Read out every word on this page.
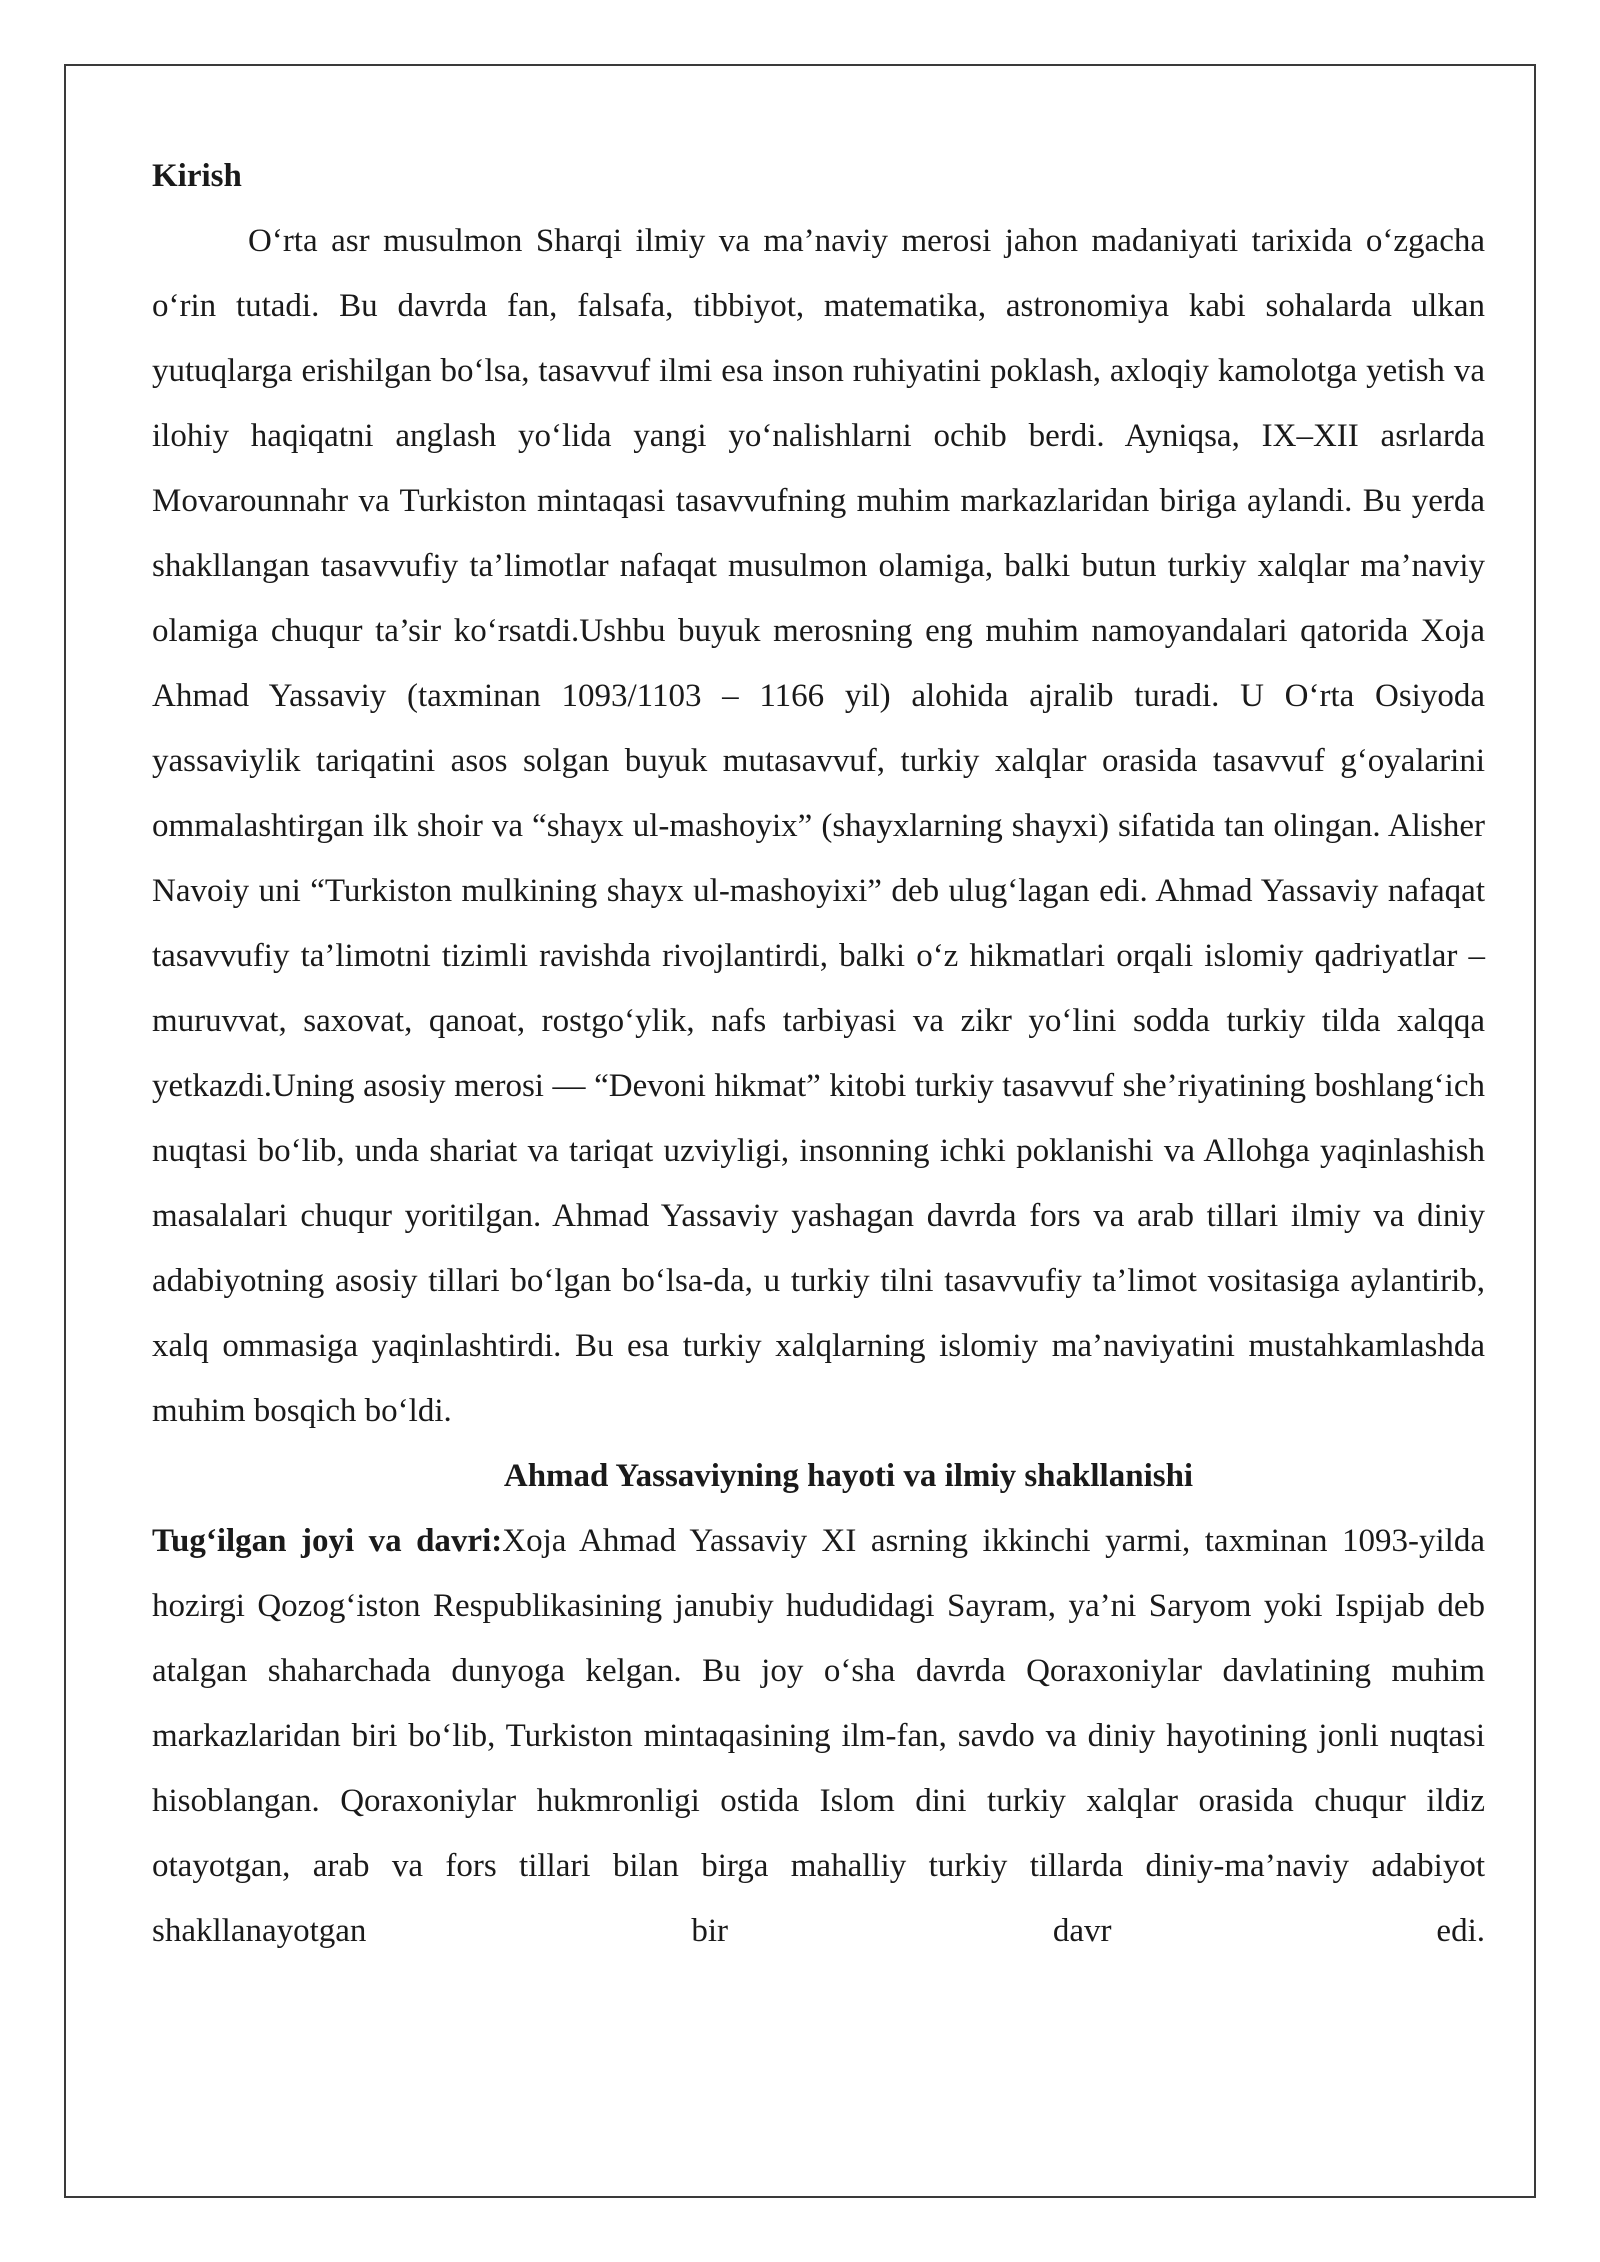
Kirish

O‘rta asr musulmon Sharqi ilmiy va ma’naviy merosi jahon madaniyati tarixida o‘zgacha o‘rin tutadi. Bu davrda fan, falsafa, tibbiyot, matematika, astronomiya kabi sohalarda ulkan yutuqlarga erishilgan bo‘lsa, tasavvuf ilmi esa inson ruhiyatini poklash, axloqiy kamolotga yetish va ilohiy haqiqatni anglash yo‘lida yangi yo‘nalishlarni ochib berdi. Ayniqsa, IX–XII asrlarda Movarounnahr va Turkiston mintaqasi tasavvufning muhim markazlaridan biriga aylandi. Bu yerda shakllangan tasavvufiy ta’limotlar nafaqat musulmon olamiga, balki butun turkiy xalqlar ma’naviy olamiga chuqur ta’sir ko‘rsatdi.Ushbu buyuk merosning eng muhim namoyandalari qatorida Xoja Ahmad Yassaviy (taxminan 1093/1103 – 1166 yil) alohida ajralib turadi. U O‘rta Osiyoda yassaviylik tariqatini asos solgan buyuk mutasavvuf, turkiy xalqlar orasida tasavvuf g‘oyalarini ommalashtirgan ilk shoir va “shayx ul-mashoyix” (shayxlarning shayxi) sifatida tan olingan. Alisher Navoiy uni “Turkiston mulkining shayx ul-mashoyixi” deb ulug‘lagan edi. Ahmad Yassaviy nafaqat tasavvufiy ta’limotni tizimli ravishda rivojlantirdi, balki o‘z hikmatlari orqali islomiy qadriyatlar – muruvvat, saxovat, qanoat, rostgo‘ylik, nafs tarbiyasi va zikr yo‘lini sodda turkiy tilda xalqqa yetkazdi.Uning asosiy merosi — “Devoni hikmat” kitobi turkiy tasavvuf she’riyatining boshlang‘ich nuqtasi bo‘lib, unda shariat va tariqat uzviyligi, insonning ichki poklanishi va Allohga yaqinlashish masalalari chuqur yoritilgan. Ahmad Yassaviy yashagan davrda fors va arab tillari ilmiy va diniy adabiyotning asosiy tillari bo‘lgan bo‘lsa-da, u turkiy tilni tasavvufiy ta’limot vositasiga aylantirib, xalq ommasiga yaqinlashtirdi. Bu esa turkiy xalqlarning islomiy ma’naviyatini mustahkamlashda muhim bosqich bo‘ldi.

Ahmad Yassaviyning hayoti va ilmiy shakllanishi

Tug‘ilgan joyi va davri:Xoja Ahmad Yassaviy XI asrning ikkinchi yarmi, taxminan 1093-yilda hozirgi Qozog‘iston Respublikasining janubiy hududidagi Sayram, ya’ni Saryom yoki Ispijab deb atalgan shaharchada dunyoga kelgan. Bu joy o‘sha davrda Qoraxoniylar davlatining muhim markazlaridan biri bo‘lib, Turkiston mintaqasining ilm-fan, savdo va diniy hayotining jonli nuqtasi hisoblangan. Qoraxoniylar hukmronligi ostida Islom dini turkiy xalqlar orasida chuqur ildiz otayotgan, arab va fors tillari bilan birga mahalliy turkiy tillarda diniy-ma’naviy adabiyot shakllanayotgan bir davr edi.
